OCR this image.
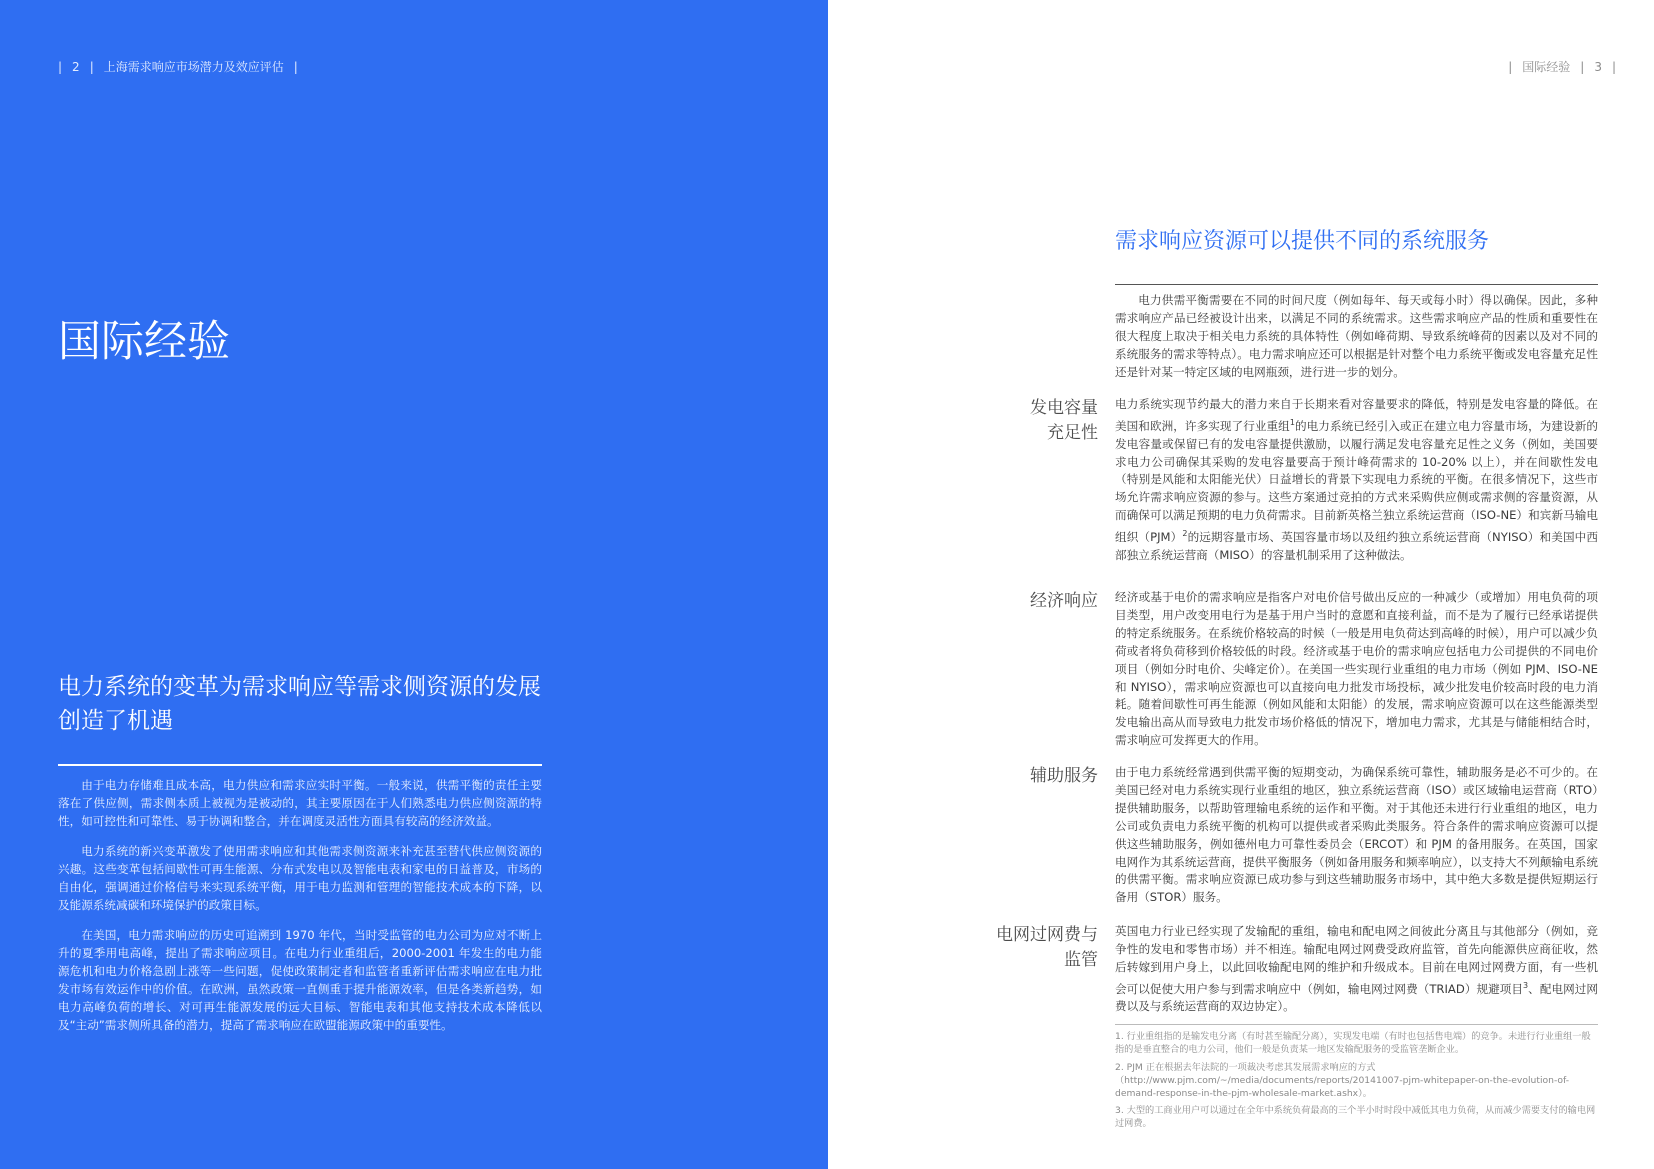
| 2 | 上海需求响应市场潜力及效应评估 |
国际经验
电力系统的变革为需求响应等需求侧资源的发展创造了机遇

由于电力存储难且成本高，电力供应和需求应实时平衡。一般来说，供需平衡的责任主要落在了供应侧，需求侧本质上被视为是被动的，其主要原因在于人们熟悉电力供应侧资源的特性，如可控性和可靠性、易于协调和整合，并在调度灵活性方面具有较高的经济效益。

电力系统的新兴变革激发了使用需求响应和其他需求侧资源来补充甚至替代供应侧资源的兴趣。这些变革包括间歇性可再生能源、分布式发电以及智能电表和家电的日益普及，市场的自由化，强调通过价格信号来实现系统平衡，用于电力监测和管理的智能技术成本的下降，以及能源系统减碳和环境保护的政策目标。

在美国，电力需求响应的历史可追溯到 1970 年代，当时受监管的电力公司为应对不断上升的夏季用电高峰，提出了需求响应项目。在电力行业重组后，2000-2001 年发生的电力能源危机和电力价格急剧上涨等一些问题，促使政策制定者和监管者重新评估需求响应在电力批发市场有效运作中的价值。在欧洲，虽然政策一直侧重于提升能源效率，但是各类新趋势，如电力高峰负荷的增长、对可再生能源发展的远大目标、智能电表和其他支持技术成本降低以及“主动”需求侧所具备的潜力，提高了需求响应在欧盟能源政策中的重要性。

| 国际经验 | 3 |
需求响应资源可以提供不同的系统服务

电力供需平衡需要在不同的时间尺度（例如每年、每天或每小时）得以确保。因此，多种需求响应产品已经被设计出来，以满足不同的系统需求。这些需求响应产品的性质和重要性在很大程度上取决于相关电力系统的具体特性（例如峰荷期、导致系统峰荷的因素以及对不同的系统服务的需求等特点）。电力需求响应还可以根据是针对整个电力系统平衡或发电容量充足性还是针对某一特定区域的电网瓶颈，进行进一步的划分。

发电容量
充足性

电力系统实现节约最大的潜力来自于长期来看对容量要求的降低，特别是发电容量的降低。在美国和欧洲，许多实现了行业重组$^1$的电力系统已经引入或正在建立电力容量市场，为建设新的发电容量或保留已有的发电容量提供激励，以履行满足发电容量充足性之义务（例如，美国要求电力公司确保其采购的发电容量要高于预计峰荷需求的 10-20% 以上），并在间歇性发电（特别是风能和太阳能光伏）日益增长的背景下实现电力系统的平衡。在很多情况下，这些市场允许需求响应资源的参与。这些方案通过竞拍的方式来采购供应侧或需求侧的容量资源，从而确保可以满足预期的电力负荷需求。目前新英格兰独立系统运营商（ISO-NE）和宾新马输电组织（PJM）$^2$的远期容量市场、英国容量市场以及纽约独立系统运营商（NYISO）和美国中西部独立系统运营商（MISO）的容量机制采用了这种做法。

经济响应 经济或基于电价的需求响应是指客户对电价信号做出反应的一种减少（或增加）用电负荷的项目类型，用户改变用电行为是基于用户当时的意愿和直接利益，而不是为了履行已经承诺提供的特定系统服务。在系统价格较高的时候（一般是用电负荷达到高峰的时候），用户可以减少负荷或者将负荷移到价格较低的时段。经济或基于电价的需求响应包括电力公司提供的不同电价项目（例如分时电价、尖峰定价）。在美国一些实现行业重组的电力市场（例如 PJM、ISO-NE 和 NYISO），需求响应资源也可以直接向电力批发市场投标，减少批发电价较高时段的电力消耗。随着间歇性可再生能源（例如风能和太阳能）的发展，需求响应资源可以在这些能源类型发电输出高从而导致电力批发市场价格低的情况下，增加电力需求，尤其是与储能相结合时，需求响应可发挥更大的作用。

辅助服务 由于电力系统经常遇到供需平衡的短期变动，为确保系统可靠性，辅助服务是必不可少的。在美国已经对电力系统实现行业重组的地区，独立系统运营商（ISO）或区域输电运营商（RTO）提供辅助服务，以帮助管理输电系统的运作和平衡。对于其他还未进行行业重组的地区，电力公司或负责电力系统平衡的机构可以提供或者采购此类服务。符合条件的需求响应资源可以提供这些辅助服务，例如德州电力可靠性委员会（ERCOT）和 PJM 的备用服务。在英国，国家电网作为其系统运营商，提供平衡服务（例如备用服务和频率响应），以支持大不列颠输电系统的供需平衡。需求响应资源已成功参与到这些辅助服务市场中，其中绝大多数是提供短期运行备用（STOR）服务。

电网过网费与
监管

英国电力行业已经实现了发输配的重组，输电和配电网之间彼此分离且与其他部分（例如，竞争性的发电和零售市场）并不相连。输配电网过网费受政府监管，首先向能源供应商征收，然后转嫁到用户身上，以此回收输配电网的维护和升级成本。目前在电网过网费方面，有一些机会可以促使大用户参与到需求响应中（例如，输电网过网费（TRIAD）规避项目$^3$、配电网过网费以及与系统运营商的双边协定）。

1. 行业重组指的是输发电分离（有时甚至输配分离），实现发电端（有时也包括售电端）的竞争。未进行行业重组一般指的是垂直整合的电力公司，他们一般是负责某一地区发输配服务的受监管垄断企业。

2. PJM 正在根据去年法院的一项裁决考虑其发展需求响应的方式（http://www.pjm.com/~/media/documents/reports/20141007-pjm-whitepaper-on-the-evolution-of-demand-response-in-the-pjm-wholesale-market.ashx）。

3. 大型的工商业用户可以通过在全年中系统负荷最高的三个半小时时段中减低其电力负荷，从而减少需要支付的输电网过网费。
